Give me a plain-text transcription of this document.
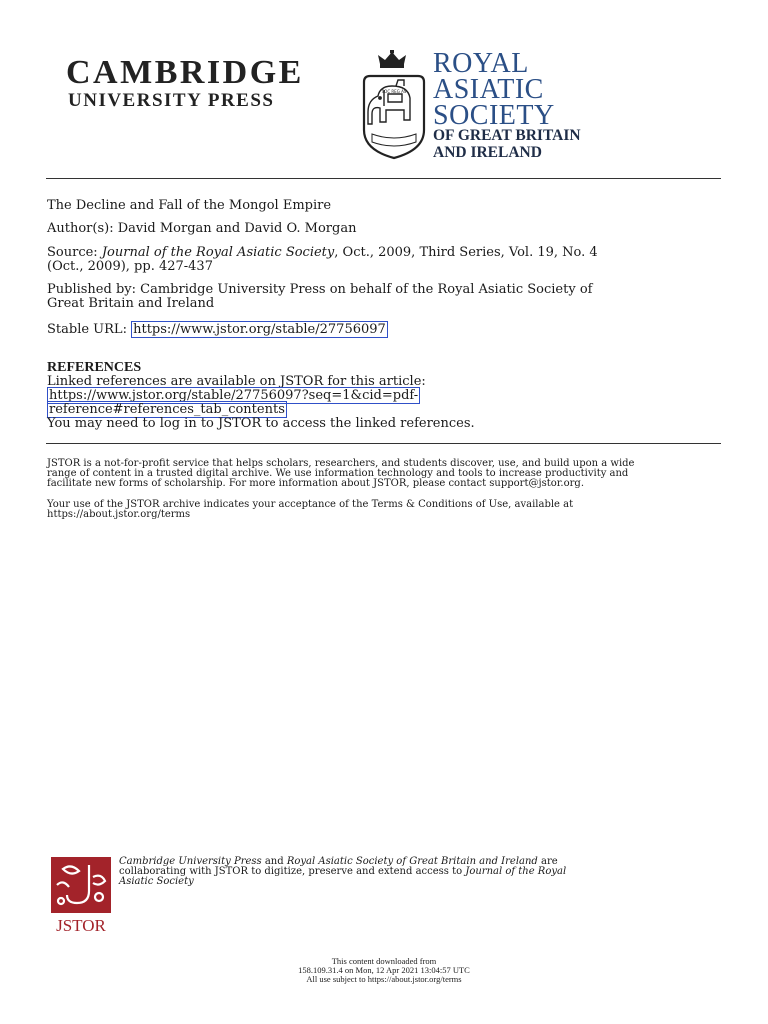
CAMBRIDGE
UNIVERSITY PRESS	SOC REG AS
ROYAL
ASIATIC
SOCIETY
OF GREAT BRITAIN
AND IRELAND
The Decline and Fall of the Mongol Empire
Author(s): David Morgan and David O. Morgan
Source: Journal of the Royal Asiatic Society, Oct., 2009, Third Series, Vol. 19, No. 4
(Oct., 2009), pp. 427-437
Published by: Cambridge University Press on behalf of the Royal Asiatic Society of
Great Britain and Ireland
Stable URL: https://www.jstor.org/stable/27756097
REFERENCES
Linked references are available on JSTOR for this article:
https://www.jstor.org/stable/27756097?seq=1&cid=pdf-
reference#references_tab_contents
You may need to log in to JSTOR to access the linked references.
JSTOR is a not-for-profit service that helps scholars, researchers, and students discover, use, and build upon a wide
range of content in a trusted digital archive. We use information technology and tools to increase productivity and
facilitate new forms of scholarship. For more information about JSTOR, please contact support@jstor.org.
Your use of the JSTOR archive indicates your acceptance of the Terms & Conditions of Use, available at
https://about.jstor.org/terms
JSTOR
Cambridge University Press and Royal Asiatic Society of Great Britain and Ireland are
collaborating with JSTOR to digitize, preserve and extend access to Journal of the Royal
Asiatic Society
This content downloaded from
158.109.31.4 on Mon, 12 Apr 2021 13:04:57 UTC
All use subject to https://about.jstor.org/terms
